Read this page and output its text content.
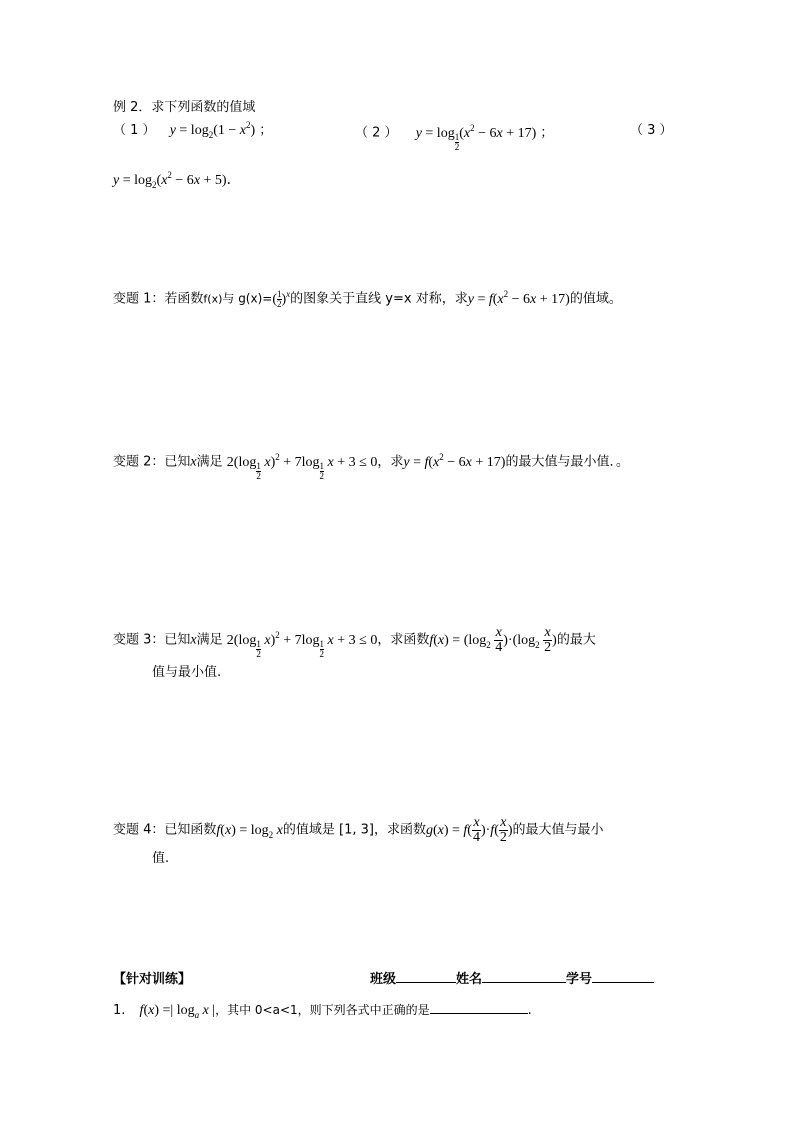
例 2．求下列函数的值域
（ 1 ） $y = \log_2(1 - x^2)$ ；	（ 2 ） $y = \log \frac{1}{2} (x^2 - 6x + 17)$ ；	（ 3 ）
$y = \log_2(x^2 - 6x + 5)$．
变题 1：若函数f(x)与 $g(x)=( \frac{1}{2} )^x$的图象关于直线 y=x 对称，求$y = f(x^2 - 6x + 17)$的值域。
变题 2：已知x满足 $2(\log \frac{1}{2} x)^2 + 7\log \frac{1}{2}$ x + 3 ≤ 0，求$y = f(x^2 - 6x + 17)$的最大值与最小值．。
变题 3：已知x满足 $2(\log \frac{1}{2} x)^2 + 7\log \frac{1}{2}$ x + 3 ≤ 0，求函数$f(x) = (\log_2 \frac{x}{4} )\cdot(\log_2 \frac{x}{2}$ )的最大
值与最小值.
变题 4：已知函数$f(x) = \log_2 x$的值域是 [1, 3]，求函数$g(x) = f( \frac{x}{4} )\cdot f( \frac{x}{2}$ )的最大值与最小
值.
【针对训练】	班级	姓名	学号
1. f(x) =| $\log_a x$ |，其中 0<a<1，则下列各式中正确的是	.
